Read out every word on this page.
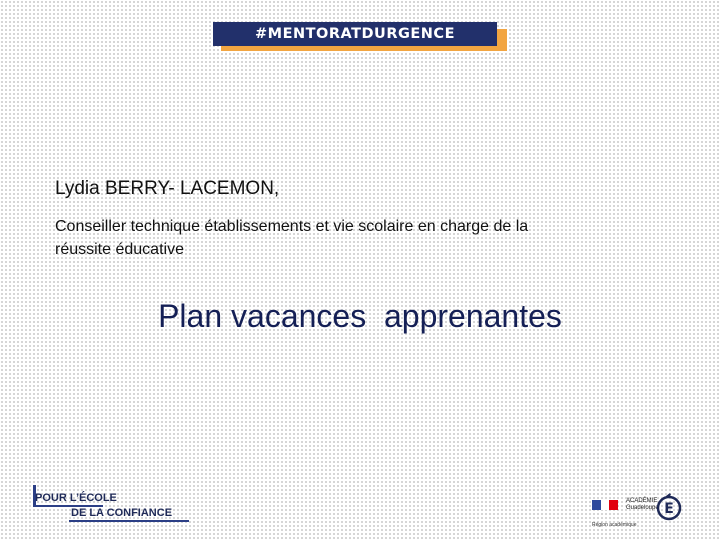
#MENTORATDURGENCE
Lydia BERRY- LACEMON,
Conseiller technique établissements et vie scolaire en charge de la
réussite éducative
Plan vacances  apprenantes
POUR L’ÉCOLE
DE LA CONFIANCE
ACADÉMIE
Guadeloupe
Région académique
E
